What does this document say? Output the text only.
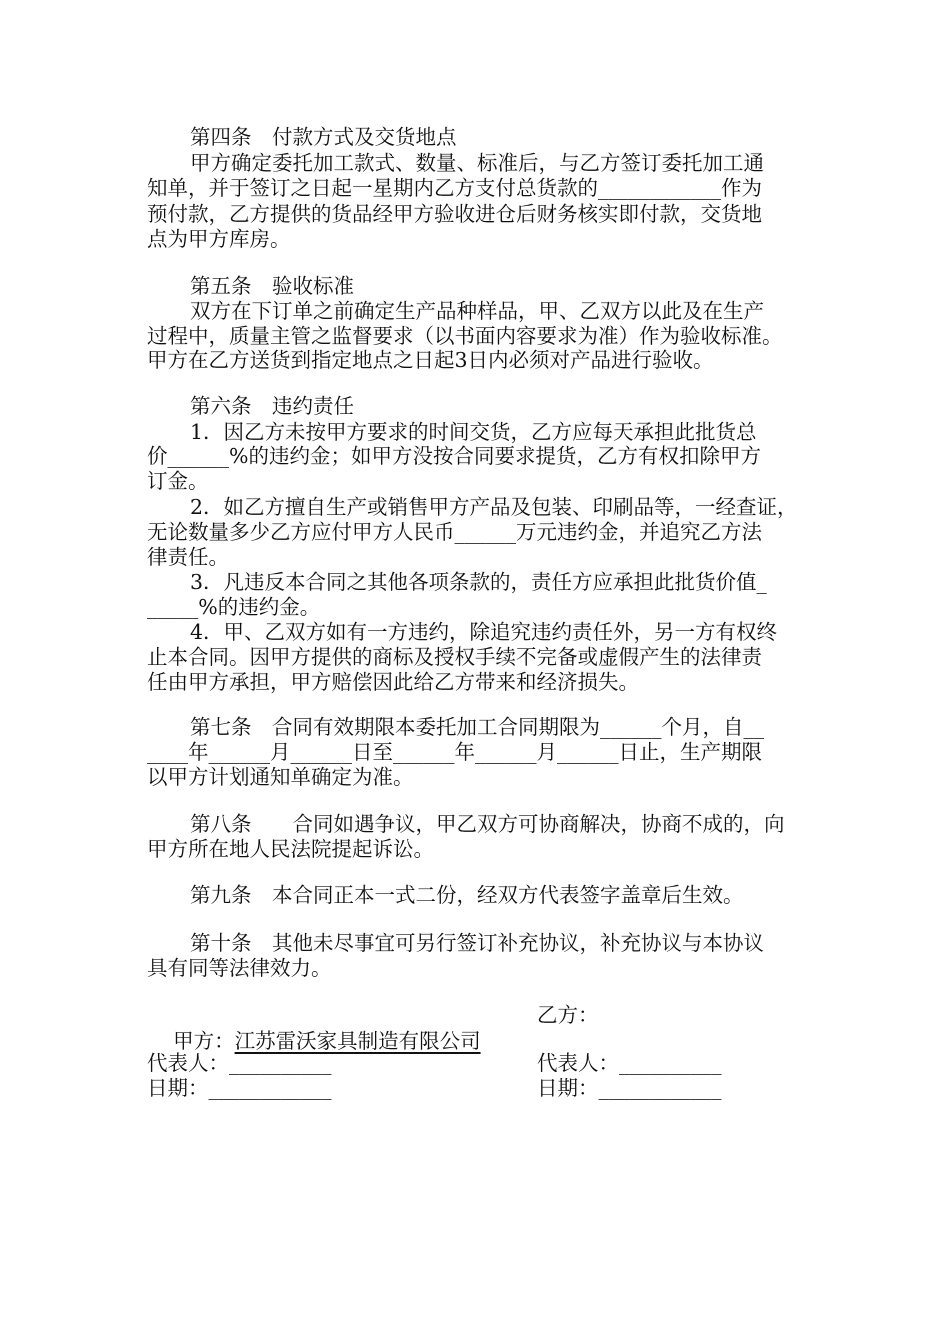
第四条　付款方式及交货地点
甲方确定委托加工款式、数量、标准后，与乙方签订委托加工通
知单，并于签订之日起一星期内乙方支付总货款的____________作为
预付款，乙方提供的货品经甲方验收进仓后财务核实即付款，交货地
点为甲方库房。
第五条　验收标准
双方在下订单之前确定生产品种样品，甲、乙双方以此及在生产
过程中，质量主管之监督要求（以书面内容要求为准）作为验收标准。
甲方在乙方送货到指定地点之日起3日内必须对产品进行验收。
第六条　违约责任
1．因乙方未按甲方要求的时间交货，乙方应每天承担此批货总
价______%的违约金；如甲方没按合同要求提货，乙方有权扣除甲方
订金。
2．如乙方擅自生产或销售甲方产品及包装、印刷品等，一经查证，
无论数量多少乙方应付甲方人民币______万元违约金，并追究乙方法
律责任。
3．凡违反本合同之其他各项条款的，责任方应承担此批货价值_
_____%的违约金。
4．甲、乙双方如有一方违约，除追究违约责任外，另一方有权终
止本合同。因甲方提供的商标及授权手续不完备或虚假产生的法律责
任由甲方承担，甲方赔偿因此给乙方带来和经济损失。
第七条　合同有效期限本委托加工合同期限为______个月，自__
____年______月______日至______年______月______日止，生产期限
以甲方计划通知单确定为准。
第八条　　合同如遇争议，甲乙双方可协商解决，协商不成的，向
甲方所在地人民法院提起诉讼。
第九条　本合同正本一式二份，经双方代表签字盖章后生效。
第十条　其他未尽事宜可另行签订补充协议，补充协议与本协议
具有同等法律效力。

甲方：江苏雷沃家具制造有限公司

乙方：
代表人：__________
日期：____________
代表人：__________
日期：____________
